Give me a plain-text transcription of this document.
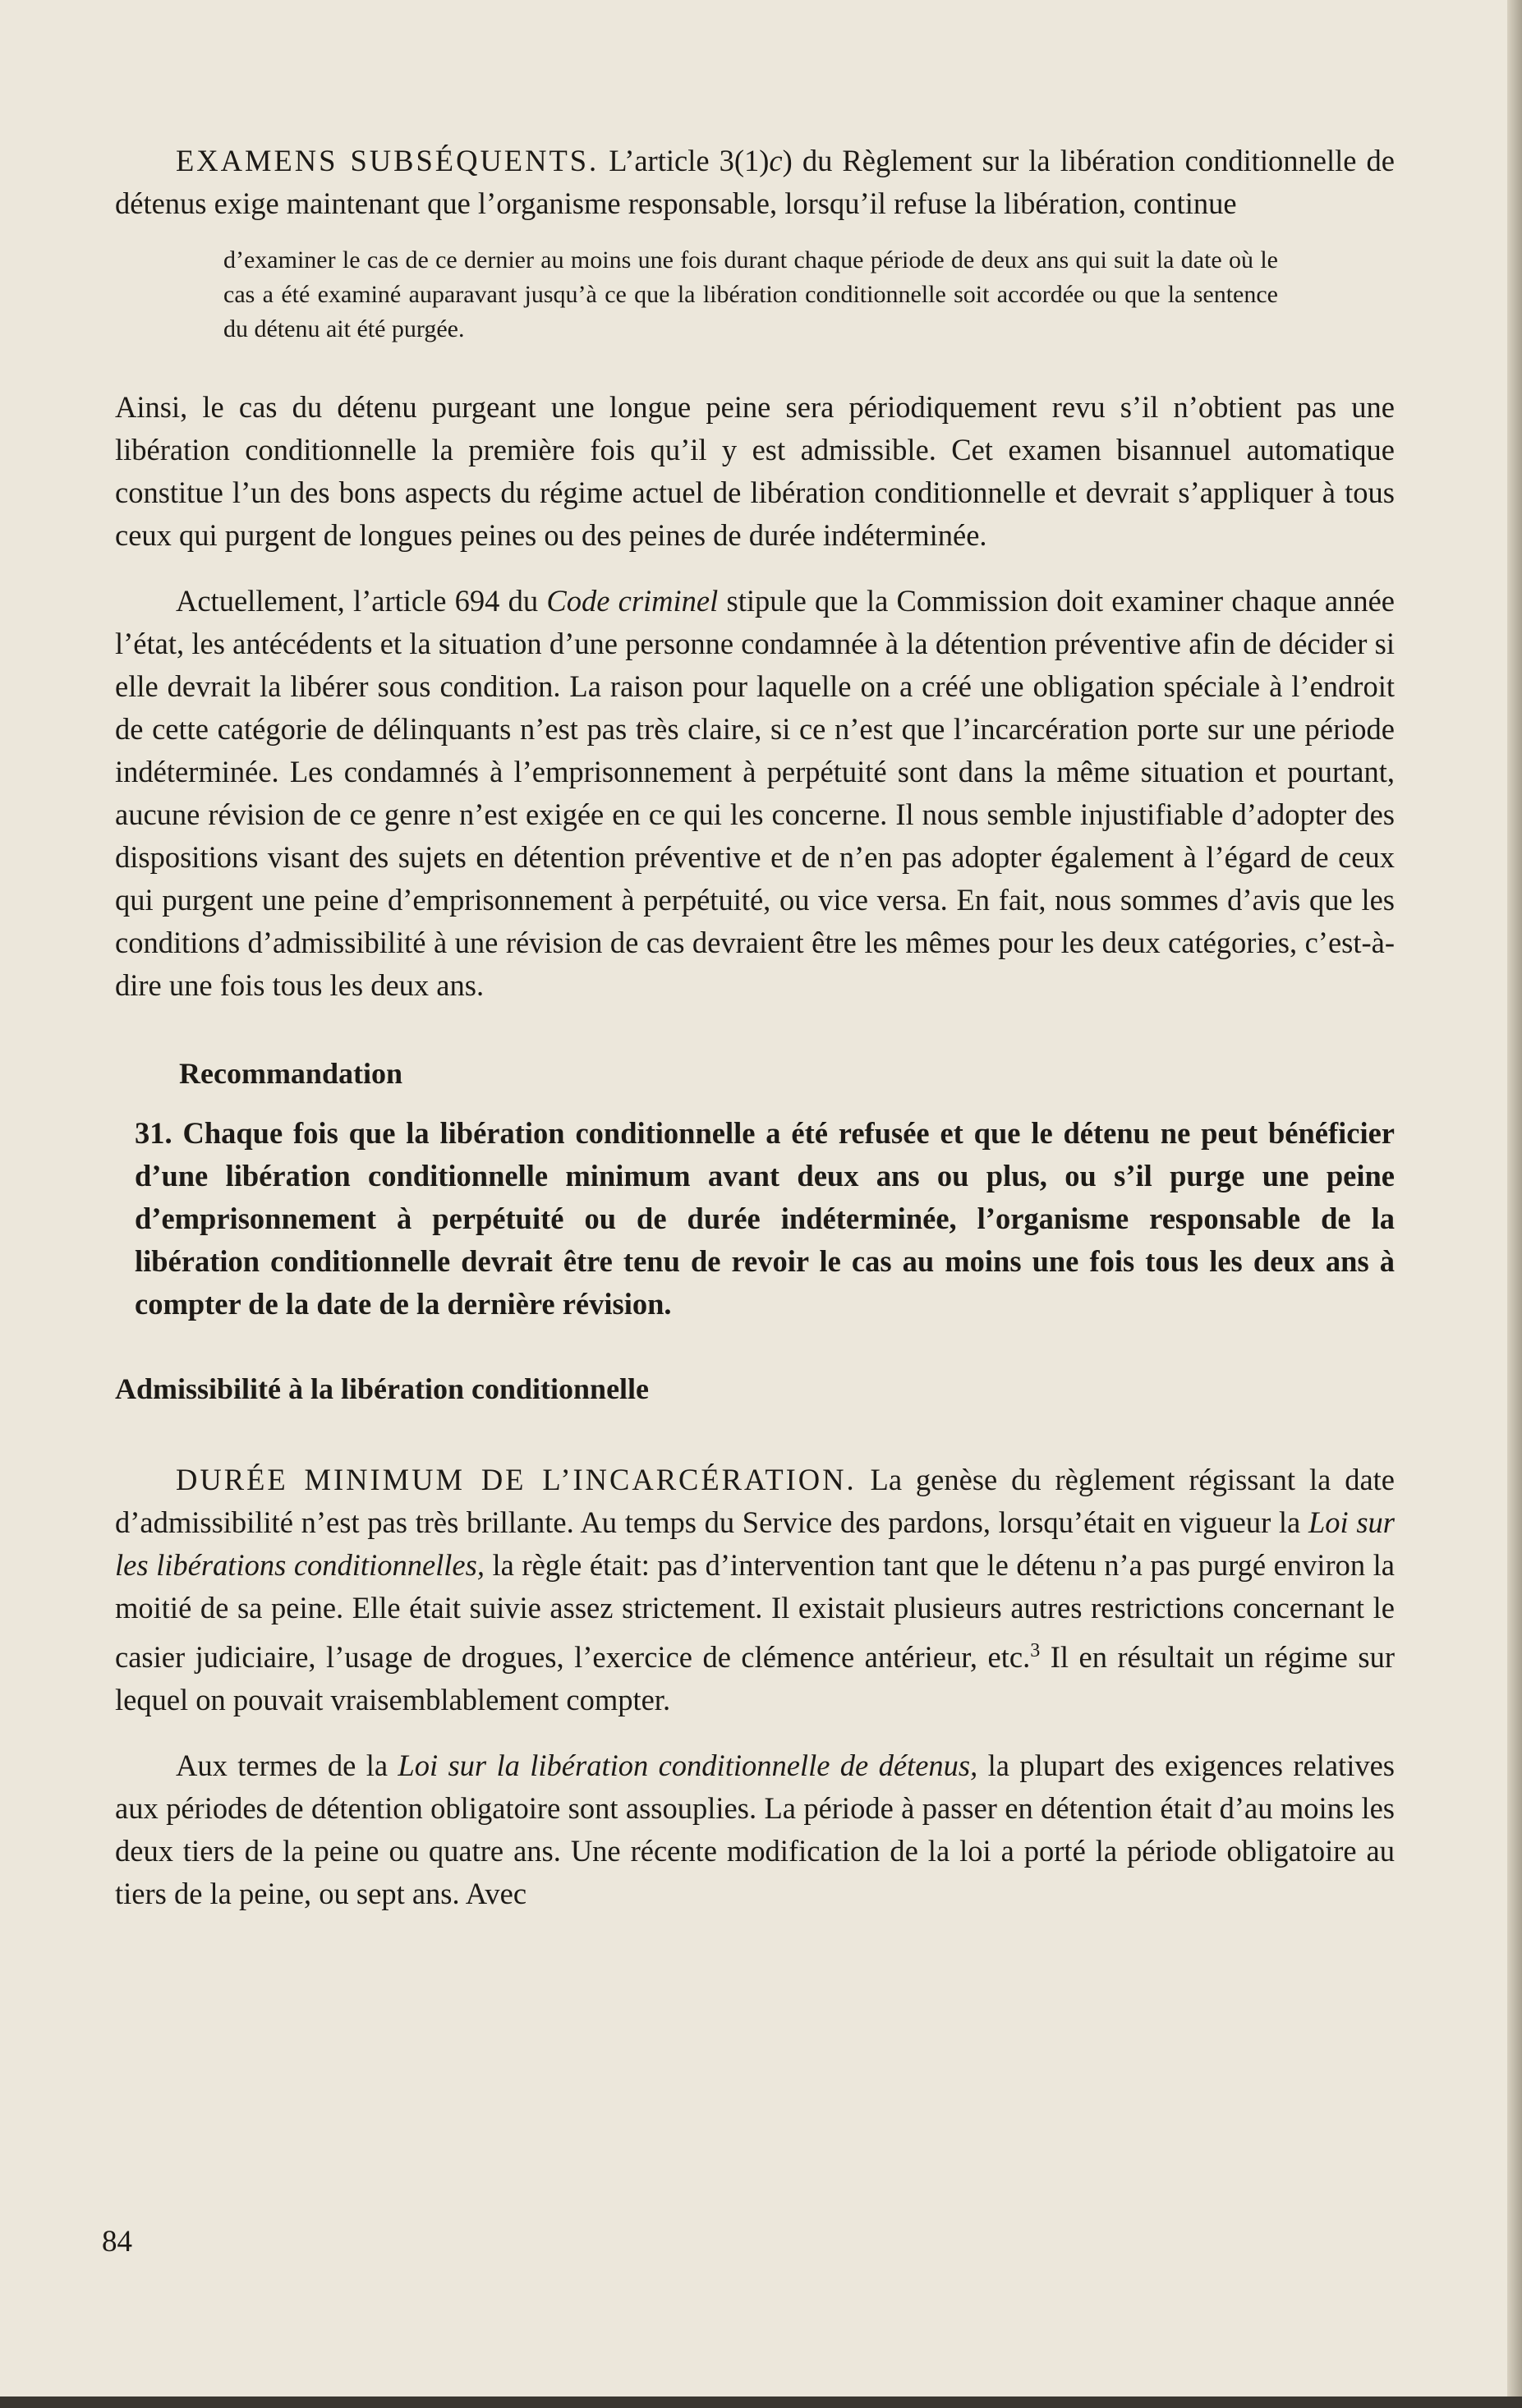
EXAMENS SUBSÉQUENTS. L’article 3(1)c) du Règlement sur la libération conditionnelle de détenus exige maintenant que l’organisme responsable, lorsqu’il refuse la libération, continue

d’examiner le cas de ce dernier au moins une fois durant chaque période de deux ans qui suit la date où le cas a été examiné auparavant jusqu’à ce que la libération conditionnelle soit accordée ou que la sentence du détenu ait été purgée.

Ainsi, le cas du détenu purgeant une longue peine sera périodiquement revu s’il n’obtient pas une libération conditionnelle la première fois qu’il y est admissible. Cet examen bisannuel automatique constitue l’un des bons aspects du régime actuel de libération conditionnelle et devrait s’appliquer à tous ceux qui purgent de longues peines ou des peines de durée indéterminée.

Actuellement, l’article 694 du Code criminel stipule que la Commission doit examiner chaque année l’état, les antécédents et la situation d’une personne condamnée à la détention préventive afin de décider si elle devrait la libérer sous condition. La raison pour laquelle on a créé une obligation spéciale à l’endroit de cette catégorie de délinquants n’est pas très claire, si ce n’est que l’incarcération porte sur une période indéterminée. Les condamnés à l’emprisonnement à perpétuité sont dans la même situation et pourtant, aucune révision de ce genre n’est exigée en ce qui les concerne. Il nous semble injustifiable d’adopter des dispositions visant des sujets en détention préventive et de n’en pas adopter également à l’égard de ceux qui purgent une peine d’emprisonnement à perpétuité, ou vice versa. En fait, nous sommes d’avis que les conditions d’admissibilité à une révision de cas devraient être les mêmes pour les deux catégories, c’est-à-dire une fois tous les deux ans.

Recommandation

31. Chaque fois que la libération conditionnelle a été refusée et que le détenu ne peut bénéficier d’une libération conditionnelle minimum avant deux ans ou plus, ou s’il purge une peine d’emprisonnement à perpétuité ou de durée indéterminée, l’organisme responsable de la libération conditionnelle devrait être tenu de revoir le cas au moins une fois tous les deux ans à compter de la date de la dernière révision.

Admissibilité à la libération conditionnelle

DURÉE MINIMUM DE L’INCARCÉRATION. La genèse du règlement régissant la date d’admissibilité n’est pas très brillante. Au temps du Service des pardons, lorsqu’était en vigueur la Loi sur les libérations conditionnelles, la règle était: pas d’intervention tant que le détenu n’a pas purgé environ la moitié de sa peine. Elle était suivie assez strictement. Il existait plusieurs autres restrictions concernant le casier judiciaire, l’usage de drogues, l’exercice de clémence antérieur, etc.$^3$ Il en résultait un régime sur lequel on pouvait vraisemblablement compter.

Aux termes de la Loi sur la libération conditionnelle de détenus, la plupart des exigences relatives aux périodes de détention obligatoire sont assouplies. La période à passer en détention était d’au moins les deux tiers de la peine ou quatre ans. Une récente modification de la loi a porté la période obligatoire au tiers de la peine, ou sept ans. Avec

84
